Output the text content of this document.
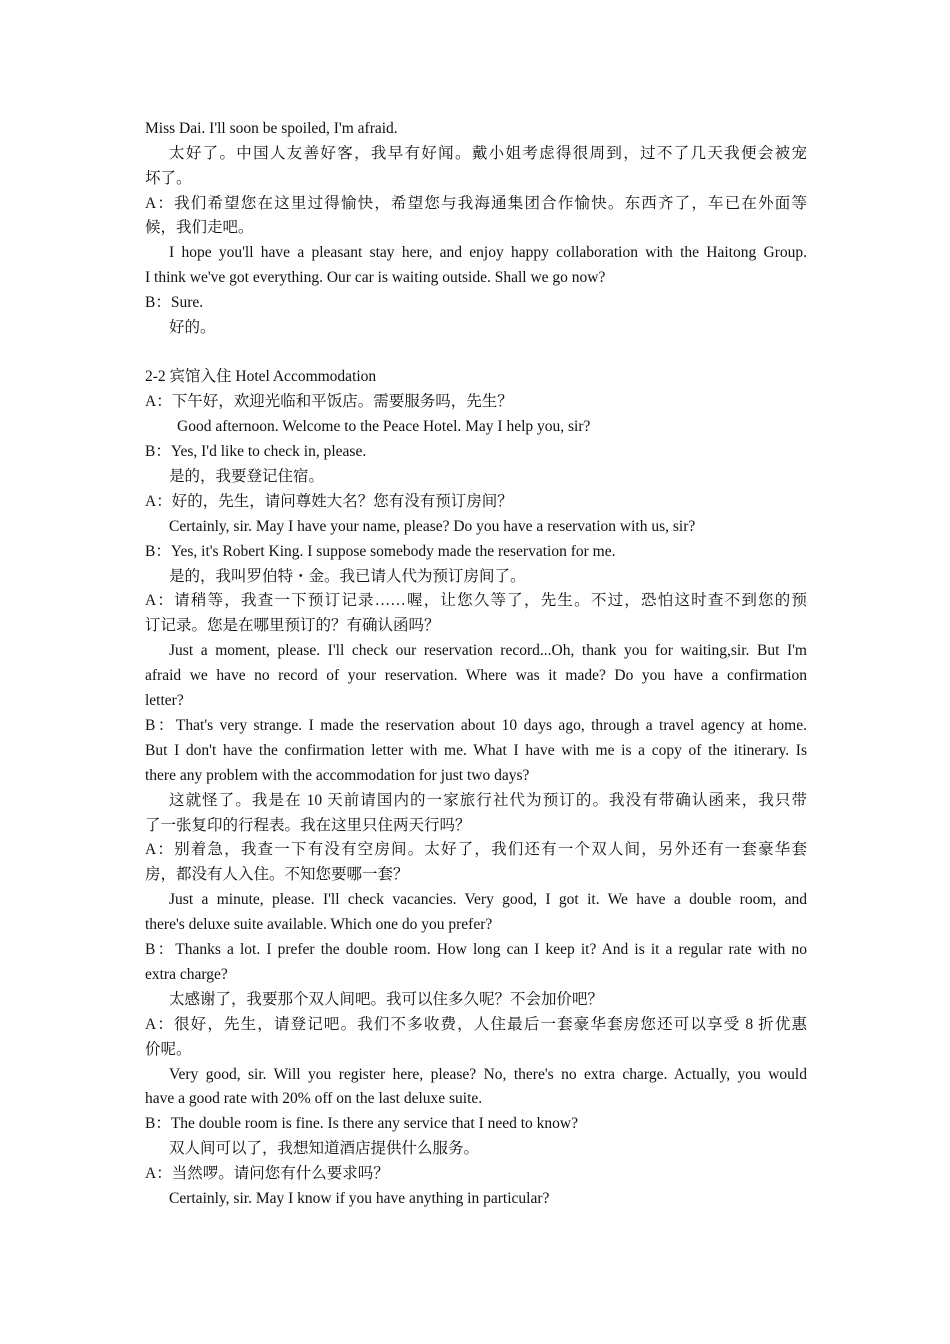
Miss Dai. I'll soon be spoiled, I'm afraid.
太好了。中国人友善好客，我早有好闻。戴小姐考虑得很周到，过不了几天我便会被宠
坏了。
A：我们希望您在这里过得愉快，希望您与我海通集团合作愉快。东西齐了，车已在外面等
候，我们走吧。
I hope you'll have a pleasant stay here, and enjoy happy collaboration with the Haitong Group.
I think we've got everything. Our car is waiting outside. Shall we go now?
B：Sure.
好的。
2-2 宾馆入住 Hotel Accommodation
A：下午好，欢迎光临和平饭店。需要服务吗，先生？
Good afternoon. Welcome to the Peace Hotel. May I help you, sir?
B：Yes, I'd like to check in, please.
是的，我要登记住宿。
A：好的，先生，请问尊姓大名？您有没有预订房间？
Certainly, sir. May I have your name, please? Do you have a reservation with us, sir?
B：Yes, it's Robert King. I suppose somebody made the reservation for me.
是的，我叫罗伯特・金。我已请人代为预订房间了。
A：请稍等，我查一下预订记录……喔，让您久等了，先生。不过，恐怕这时查不到您的预
订记录。您是在哪里预订的？有确认函吗？
Just a moment, please. I'll check our reservation record...Oh, thank you for waiting,sir. But I'm
afraid we have no record of your reservation. Where was it made? Do you have a confirmation
letter?
B：That's very strange. I made the reservation about 10 days ago, through a travel agency at home.
But I don't have the confirmation letter with me. What I have with me is a copy of the itinerary. Is
there any problem with the accommodation for just two days?
这就怪了。我是在 10 天前请国内的一家旅行社代为预订的。我没有带确认函来，我只带
了一张复印的行程表。我在这里只住两天行吗？
A：别着急，我查一下有没有空房间。太好了，我们还有一个双人间，另外还有一套豪华套
房，都没有人入住。不知您要哪一套？
Just a minute, please. I'll check vacancies. Very good, I got it. We have a double room, and
there's deluxe suite available. Which one do you prefer?
B：Thanks a lot. I prefer the double room. How long can I keep it? And is it a regular rate with no
extra charge?
太感谢了，我要那个双人间吧。我可以住多久呢？不会加价吧？
A：很好，先生，请登记吧。我们不多收费，人住最后一套豪华套房您还可以享受 8 折优惠
价呢。
Very good, sir. Will you register here, please? No, there's no extra charge. Actually, you would
have a good rate with 20% off on the last deluxe suite.
B：The double room is fine. Is there any service that I need to know?
双人间可以了，我想知道酒店提供什么服务。
A：当然啰。请问您有什么要求吗？
Certainly, sir. May I know if you have anything in particular?
